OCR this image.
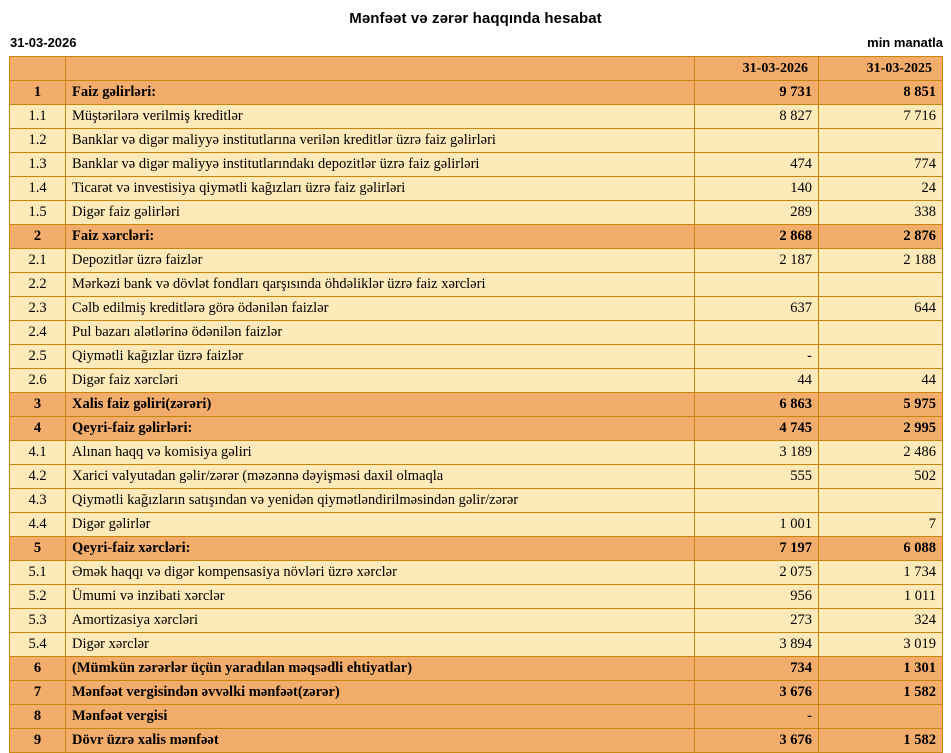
Mənfəət və zərər haqqında hesabat
31-03-2026	min manatla
		31-03-2026	31-03-2025
1	Faiz gəlirləri:	9 731	8 851
1.1	Müştərilərə verilmiş kreditlər	8 827	7 716
1.2	Banklar və digər maliyyə institutlarına verilən kreditlər üzrə faiz gəlirləri		
1.3	Banklar və digər maliyyə institutlarındakı depozitlər üzrə faiz gəlirləri	474	774
1.4	Ticarət və investisiya qiymətli kağızları üzrə faiz gəlirləri	140	24
1.5	Digər faiz gəlirləri	289	338
2	Faiz xərcləri:	2 868	2 876
2.1	Depozitlər üzrə faizlər	2 187	2 188
2.2	Mərkəzi bank və dövlət fondları qarşısında öhdəliklər üzrə faiz xərcləri		
2.3	Cəlb edilmiş kreditlərə görə ödənilən faizlər	637	644
2.4	Pul bazarı alətlərinə ödənilən faizlər		
2.5	Qiymətli kağızlar üzrə faizlər	-	
2.6	Digər faiz xərcləri	44	44
3	Xalis faiz gəliri(zərəri)	6 863	5 975
4	Qeyri-faiz gəlirləri:	4 745	2 995
4.1	Alınan haqq və komisiya gəliri	3 189	2 486
4.2	Xarici valyutadan gəlir/zərər (məzənnə dəyişməsi daxil olmaqla	555	502
4.3	Qiymətli kağızların satışından və yenidən qiymətləndirilməsindən gəlir/zərər		
4.4	Digər gəlirlər	1 001	7
5	Qeyri-faiz xərcləri:	7 197	6 088
5.1	Əmək haqqı və digər kompensasiya növləri üzrə xərclər	2 075	1 734
5.2	Ümumi və inzibati xərclər	956	1 011
5.3	Amortizasiya xərcləri	273	324
5.4	Digər xərclər	3 894	3 019
6	(Mümkün zərərlər üçün yaradılan məqsədli ehtiyatlar)	734	1 301
7	Mənfəət vergisindən əvvəlki mənfəət(zərər)	3 676	1 582
8	Mənfəət vergisi	-	
9	Dövr üzrə xalis mənfəət	3 676	1 582
